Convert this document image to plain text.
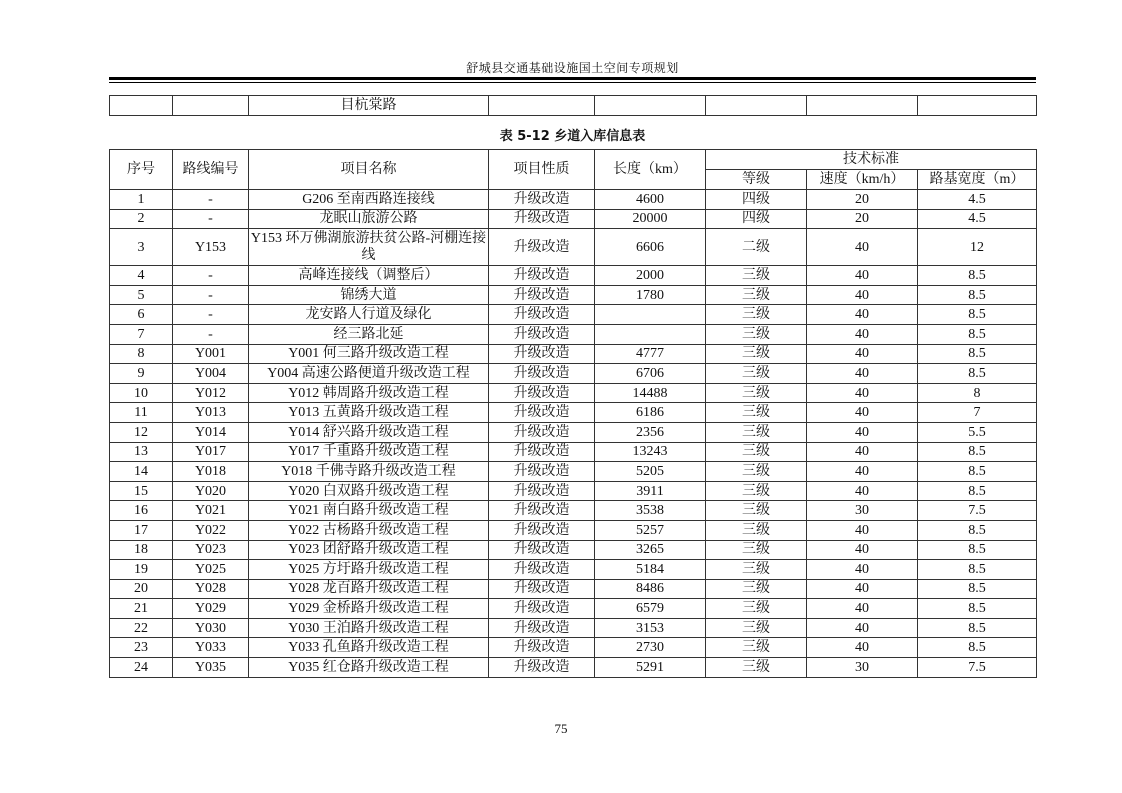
舒城县交通基础设施国土空间专项规划
		目杭棠路					
表 5-12 乡道入库信息表
序号	路线编号	项目名称	项目性质	长度（km）	技术标准		
					等级	速度（km/h）	路基宽度（m）
1	-	G206 至南西路连接线	升级改造	4600	四级	20	4.5
2	-	龙眠山旅游公路	升级改造	20000	四级	20	4.5
3	Y153	Y153 环万佛湖旅游扶贫公路-河棚连接线	升级改造	6606	二级	40	12
4	-	高峰连接线（调整后）	升级改造	2000	三级	40	8.5
5	-	锦绣大道	升级改造	1780	三级	40	8.5
6	-	龙安路人行道及绿化	升级改造		三级	40	8.5
7	-	经三路北延	升级改造		三级	40	8.5
8	Y001	Y001 何三路升级改造工程	升级改造	4777	三级	40	8.5
9	Y004	Y004 高速公路便道升级改造工程	升级改造	6706	三级	40	8.5
10	Y012	Y012 韩周路升级改造工程	升级改造	14488	三级	40	8
11	Y013	Y013 五黄路升级改造工程	升级改造	6186	三级	40	7
12	Y014	Y014 舒兴路升级改造工程	升级改造	2356	三级	40	5.5
13	Y017	Y017 千重路升级改造工程	升级改造	13243	三级	40	8.5
14	Y018	Y018 千佛寺路升级改造工程	升级改造	5205	三级	40	8.5
15	Y020	Y020 白双路升级改造工程	升级改造	3911	三级	40	8.5
16	Y021	Y021 南白路升级改造工程	升级改造	3538	三级	30	7.5
17	Y022	Y022 古杨路升级改造工程	升级改造	5257	三级	40	8.5
18	Y023	Y023 团舒路升级改造工程	升级改造	3265	三级	40	8.5
19	Y025	Y025 方圩路升级改造工程	升级改造	5184	三级	40	8.5
20	Y028	Y028 龙百路升级改造工程	升级改造	8486	三级	40	8.5
21	Y029	Y029 金桥路升级改造工程	升级改造	6579	三级	40	8.5
22	Y030	Y030 王泊路升级改造工程	升级改造	3153	三级	40	8.5
23	Y033	Y033 孔鱼路升级改造工程	升级改造	2730	三级	40	8.5
24	Y035	Y035 红仓路升级改造工程	升级改造	5291	三级	30	7.5
75
